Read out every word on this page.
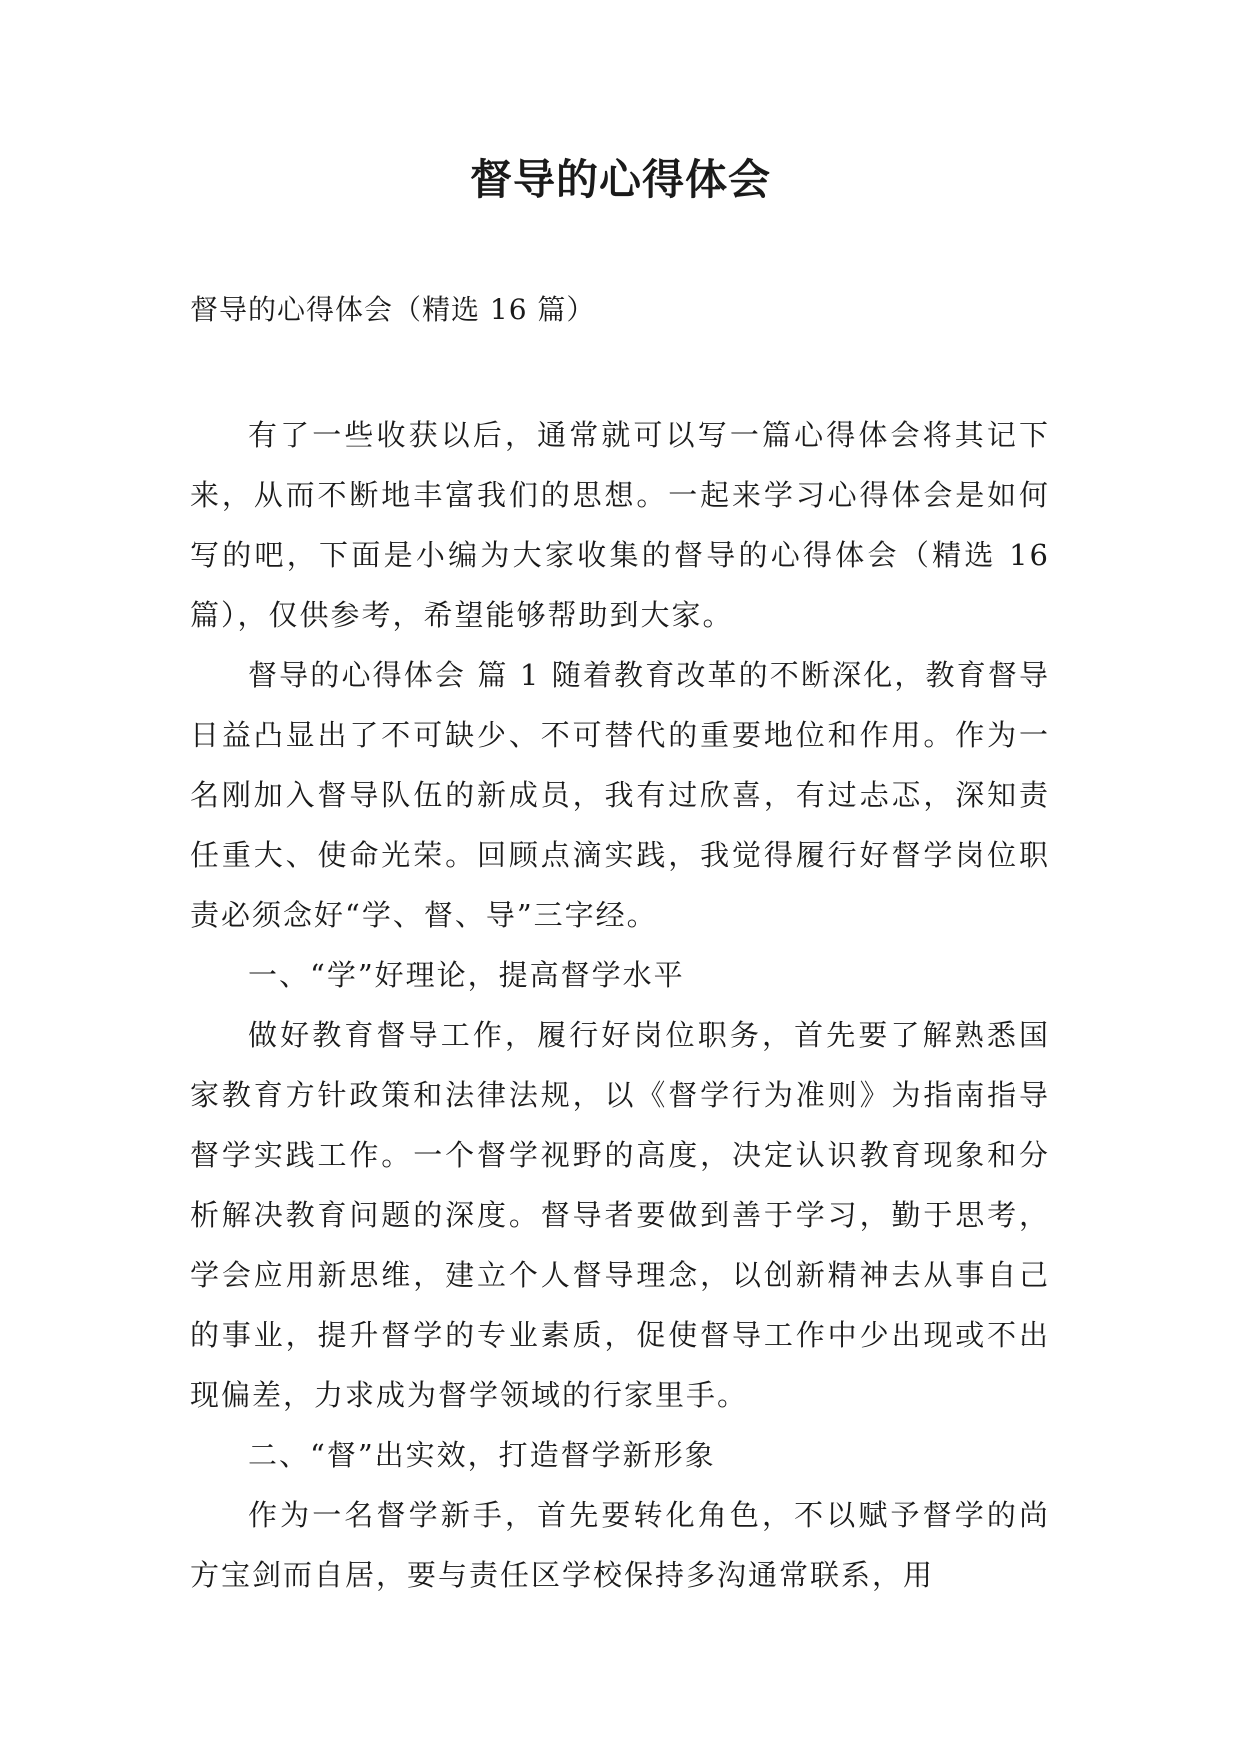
督导的心得体会

督导的心得体会（精选 16 篇）

有了一些收获以后，通常就可以写一篇心得体会将其记下来，从而不断地丰富我们的思想。一起来学习心得体会是如何写的吧，下面是小编为大家收集的督导的心得体会（精选 16 篇），仅供参考，希望能够帮助到大家。

督导的心得体会 篇 1 随着教育改革的不断深化，教育督导日益凸显出了不可缺少、不可替代的重要地位和作用。作为一名刚加入督导队伍的新成员，我有过欣喜，有过忐忑，深知责任重大、使命光荣。回顾点滴实践，我觉得履行好督学岗位职责必须念好“学、督、导”三字经。

一、“学”好理论，提高督学水平

做好教育督导工作，履行好岗位职务，首先要了解熟悉国家教育方针政策和法律法规，以《督学行为准则》为指南指导督学实践工作。一个督学视野的高度，决定认识教育现象和分析解决教育问题的深度。督导者要做到善于学习，勤于思考，学会应用新思维，建立个人督导理念，以创新精神去从事自己的事业，提升督学的专业素质，促使督导工作中少出现或不出现偏差，力求成为督学领域的行家里手。

二、“督”出实效，打造督学新形象

作为一名督学新手，首先要转化角色，不以赋予督学的尚方宝剑而自居，要与责任区学校保持多沟通常联系，用
